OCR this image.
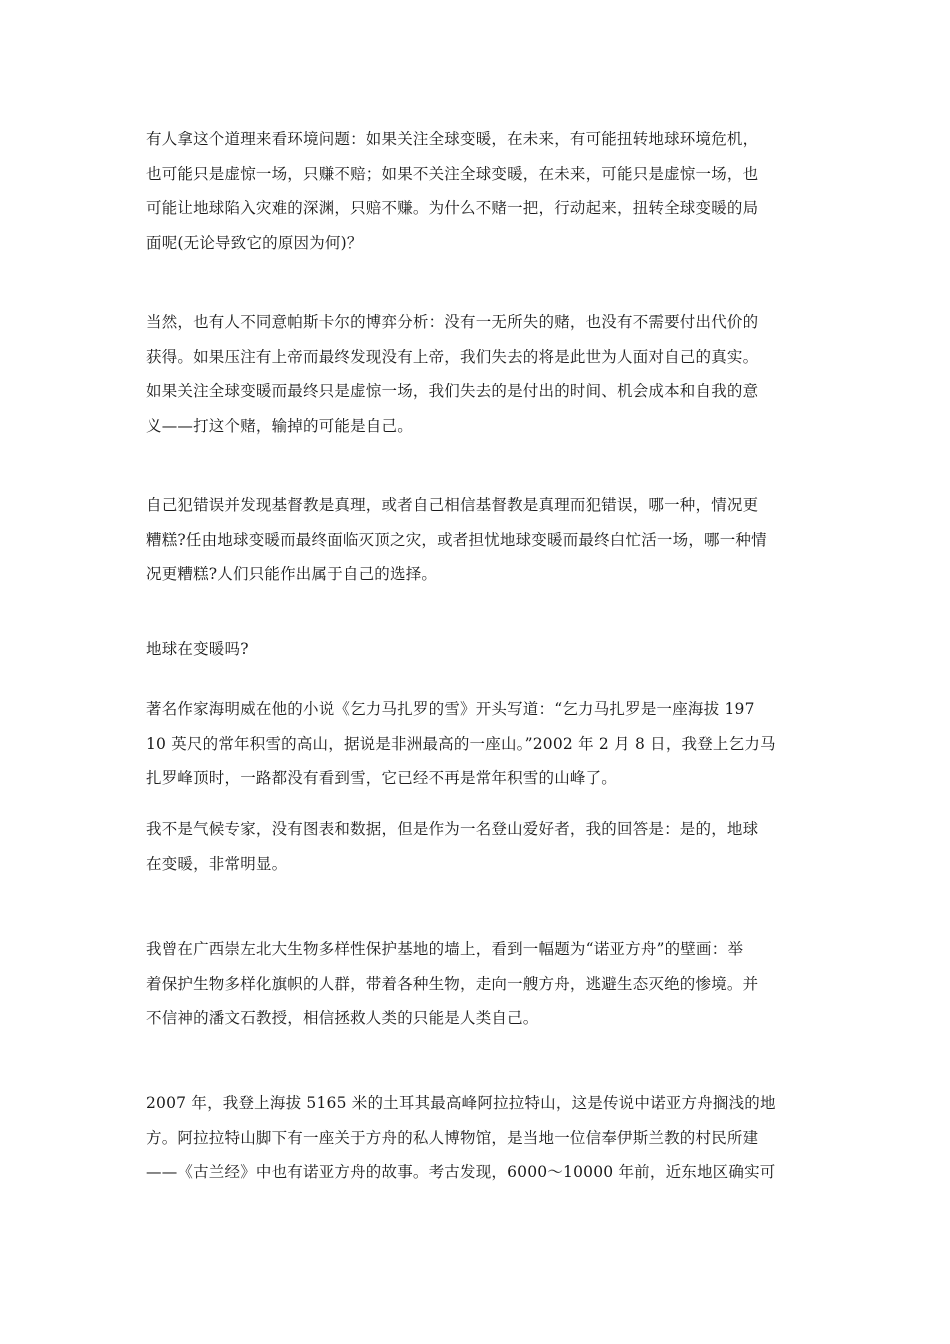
有人拿这个道理来看环境问题：如果关注全球变暖，在未来，有可能扭转地球环境危机，
也可能只是虚惊一场，只赚不赔；如果不关注全球变暖，在未来，可能只是虚惊一场，也
可能让地球陷入灾难的深渊，只赔不赚。为什么不赌一把，行动起来，扭转全球变暖的局
面呢(无论导致它的原因为何)？

当然，也有人不同意帕斯卡尔的博弈分析：没有一无所失的赌，也没有不需要付出代价的
获得。如果压注有上帝而最终发现没有上帝，我们失去的将是此世为人面对自己的真实。
如果关注全球变暖而最终只是虚惊一场，我们失去的是付出的时间、机会成本和自我的意
义——打这个赌，输掉的可能是自己。

自己犯错误并发现基督教是真理，或者自己相信基督教是真理而犯错误，哪一种，情况更
糟糕?任由地球变暖而最终面临灭顶之灾，或者担忧地球变暖而最终白忙活一场，哪一种情
况更糟糕?人们只能作出属于自己的选择。

地球在变暖吗?

著名作家海明威在他的小说《乞力马扎罗的雪》开头写道：“乞力马扎罗是一座海拔 197
10 英尺的常年积雪的高山，据说是非洲最高的一座山。”2002 年 2 月 8 日，我登上乞力马
扎罗峰顶时，一路都没有看到雪，它已经不再是常年积雪的山峰了。

我不是气候专家，没有图表和数据，但是作为一名登山爱好者，我的回答是：是的，地球
在变暖，非常明显。

我曾在广西崇左北大生物多样性保护基地的墙上，看到一幅题为“诺亚方舟”的壁画：举
着保护生物多样化旗帜的人群，带着各种生物，走向一艘方舟，逃避生态灭绝的惨境。并
不信神的潘文石教授，相信拯救人类的只能是人类自己。

2007 年，我登上海拔 5165 米的土耳其最高峰阿拉拉特山，这是传说中诺亚方舟搁浅的地
方。阿拉拉特山脚下有一座关于方舟的私人博物馆，是当地一位信奉伊斯兰教的村民所建
——《古兰经》中也有诺亚方舟的故事。考古发现，6000～10000 年前，近东地区确实可
